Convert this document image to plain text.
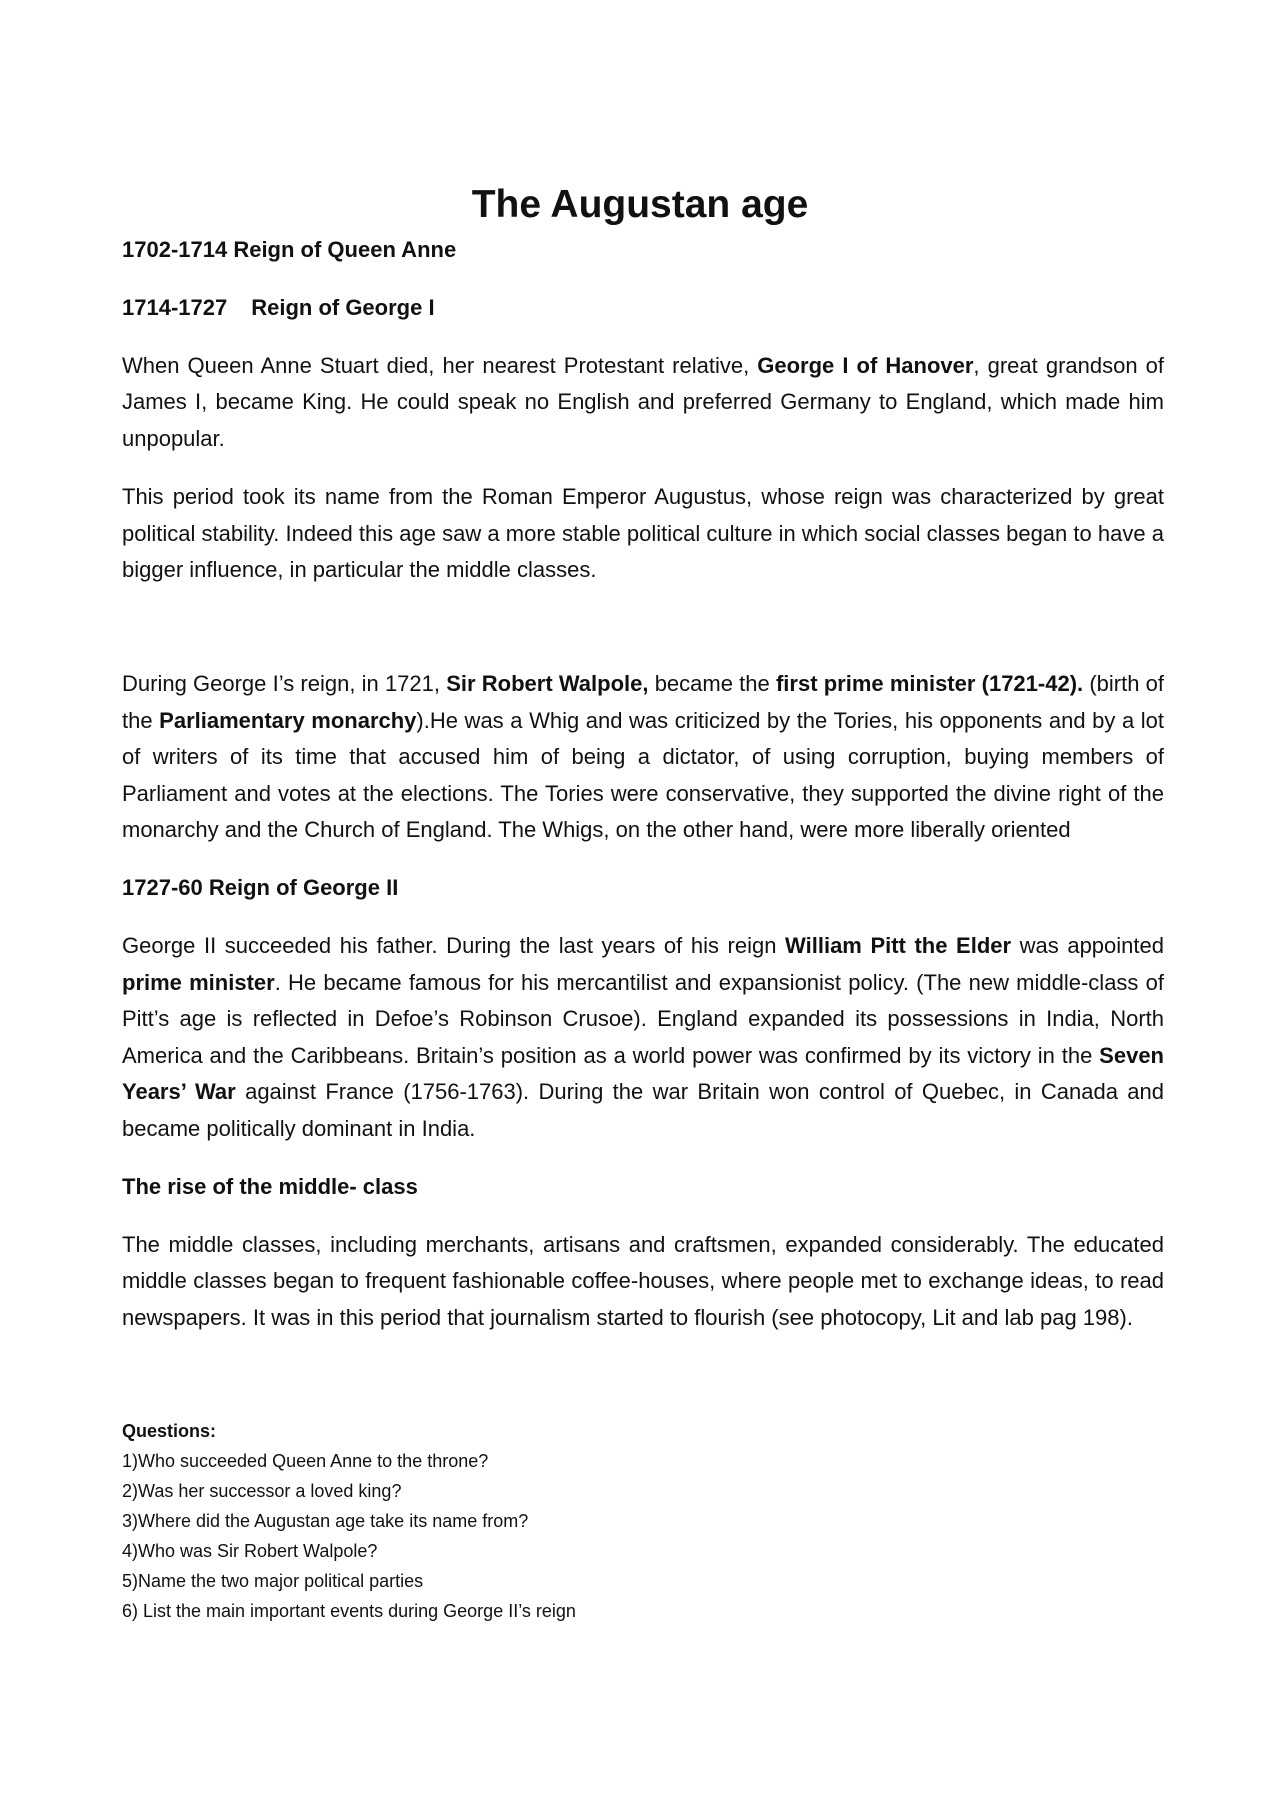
The Augustan age

1702-1714 Reign of Queen Anne

1714-1727 Reign of George I

When Queen Anne Stuart died, her nearest Protestant relative, George I of Hanover, great grandson of James I, became King. He could speak no English and preferred Germany to England, which made him unpopular.

This period took its name from the Roman Emperor Augustus, whose reign was characterized by great political stability. Indeed this age saw a more stable political culture in which social classes began to have a bigger influence, in particular the middle classes.

During George I’s reign, in 1721, Sir Robert Walpole, became the first prime minister (1721-42). (birth of the Parliamentary monarchy).He was a Whig and was criticized by the Tories, his opponents and by a lot of writers of its time that accused him of being a dictator, of using corruption, buying members of Parliament and votes at the elections. The Tories were conservative, they supported the divine right of the monarchy and the Church of England. The Whigs, on the other hand, were more liberally oriented

1727-60 Reign of George II

George II succeeded his father. During the last years of his reign William Pitt the Elder was appointed prime minister. He became famous for his mercantilist and expansionist policy. (The new middle-class of Pitt’s age is reflected in Defoe’s Robinson Crusoe). England expanded its possessions in India, North America and the Caribbeans. Britain’s position as a world power was confirmed by its victory in the Seven Years’ War against France (1756-1763). During the war Britain won control of Quebec, in Canada and became politically dominant in India.

The rise of the middle- class

The middle classes, including merchants, artisans and craftsmen, expanded considerably. The educated middle classes began to frequent fashionable coffee-houses, where people met to exchange ideas, to read newspapers. It was in this period that journalism started to flourish (see photocopy, Lit and lab pag 198).

Questions:

1)Who succeeded Queen Anne to the throne?
2)Was her successor a loved king?
3)Where did the Augustan age take its name from?
4)Who was Sir Robert Walpole?
5)Name the two major political parties
6) List the main important events during George II’s reign
